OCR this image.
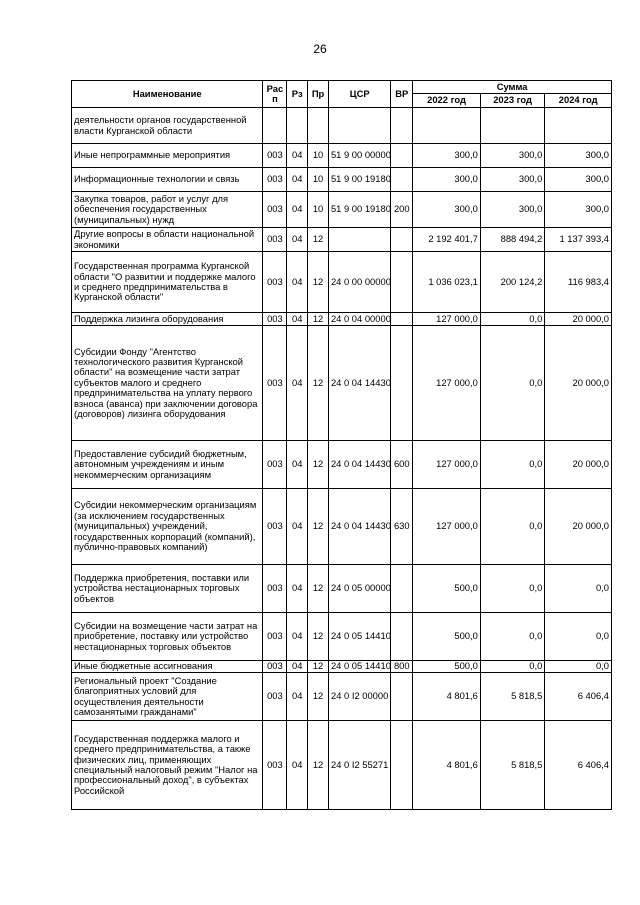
26
Наименование	Рас п	Рз	Пр	ЦСР	ВР	Сумма		
						2022 год	2023 год	2024 год
деятельности органов государственной власти Курганской области								
Иные непрограммные мероприятия	003	04	10	51 9 00 00000		300,0	300,0	300,0
Информационные технологии и связь	003	04	10	51 9 00 19180		300,0	300,0	300,0
Закупка товаров, работ и услуг для обеспечения государственных (муниципальных) нужд	003	04	10	51 9 00 19180	200	300,0	300,0	300,0
Другие вопросы в области национальной экономики	003	04	12			2 192 401,7	888 494,2	1 137 393,4
Государственная программа Курганской области "О развитии и поддержке малого и среднего предпринимательства в Курганской области"	003	04	12	24 0 00 00000		1 036 023,1	200 124,2	116 983,4
Поддержка лизинга оборудования	003	04	12	24 0 04 00000		127 000,0	0,0	20 000,0
Субсидии Фонду "Агентство технологического развития Курганской области" на возмещение части затрат субъектов малого и среднего предпринимательства на уплату первого взноса (аванса) при заключении договора (договоров) лизинга оборудования	003	04	12	24 0 04 14430		127 000,0	0,0	20 000,0
Предоставление субсидий бюджетным, автономным учреждениям и иным некоммерческим организациям	003	04	12	24 0 04 14430	600	127 000,0	0,0	20 000,0
Субсидии некоммерческим организациям (за исключением государственных (муниципальных) учреждений, государственных корпораций (компаний), публично-правовых компаний)	003	04	12	24 0 04 14430	630	127 000,0	0,0	20 000,0
Поддержка приобретения, поставки или устройства нестационарных торговых объектов	003	04	12	24 0 05 00000		500,0	0,0	0,0
Субсидии на возмещение части затрат на приобретение, поставку или устройство нестационарных торговых объектов	003	04	12	24 0 05 14410		500,0	0,0	0,0
Иные бюджетные ассигнования	003	04	12	24 0 05 14410	800	500,0	0,0	0,0
Региональный проект "Создание благоприятных условий для осуществления деятельности самозанятыми гражданами"	003	04	12	24 0 I2 00000		4 801,6	5 818,5	6 406,4
Государственная поддержка малого и среднего предпринимательства, а также физических лиц, применяющих специальный налоговый режим "Налог на профессиональный доход", в субъектах Российской	003	04	12	24 0 I2 55271		4 801,6	5 818,5	6 406,4
